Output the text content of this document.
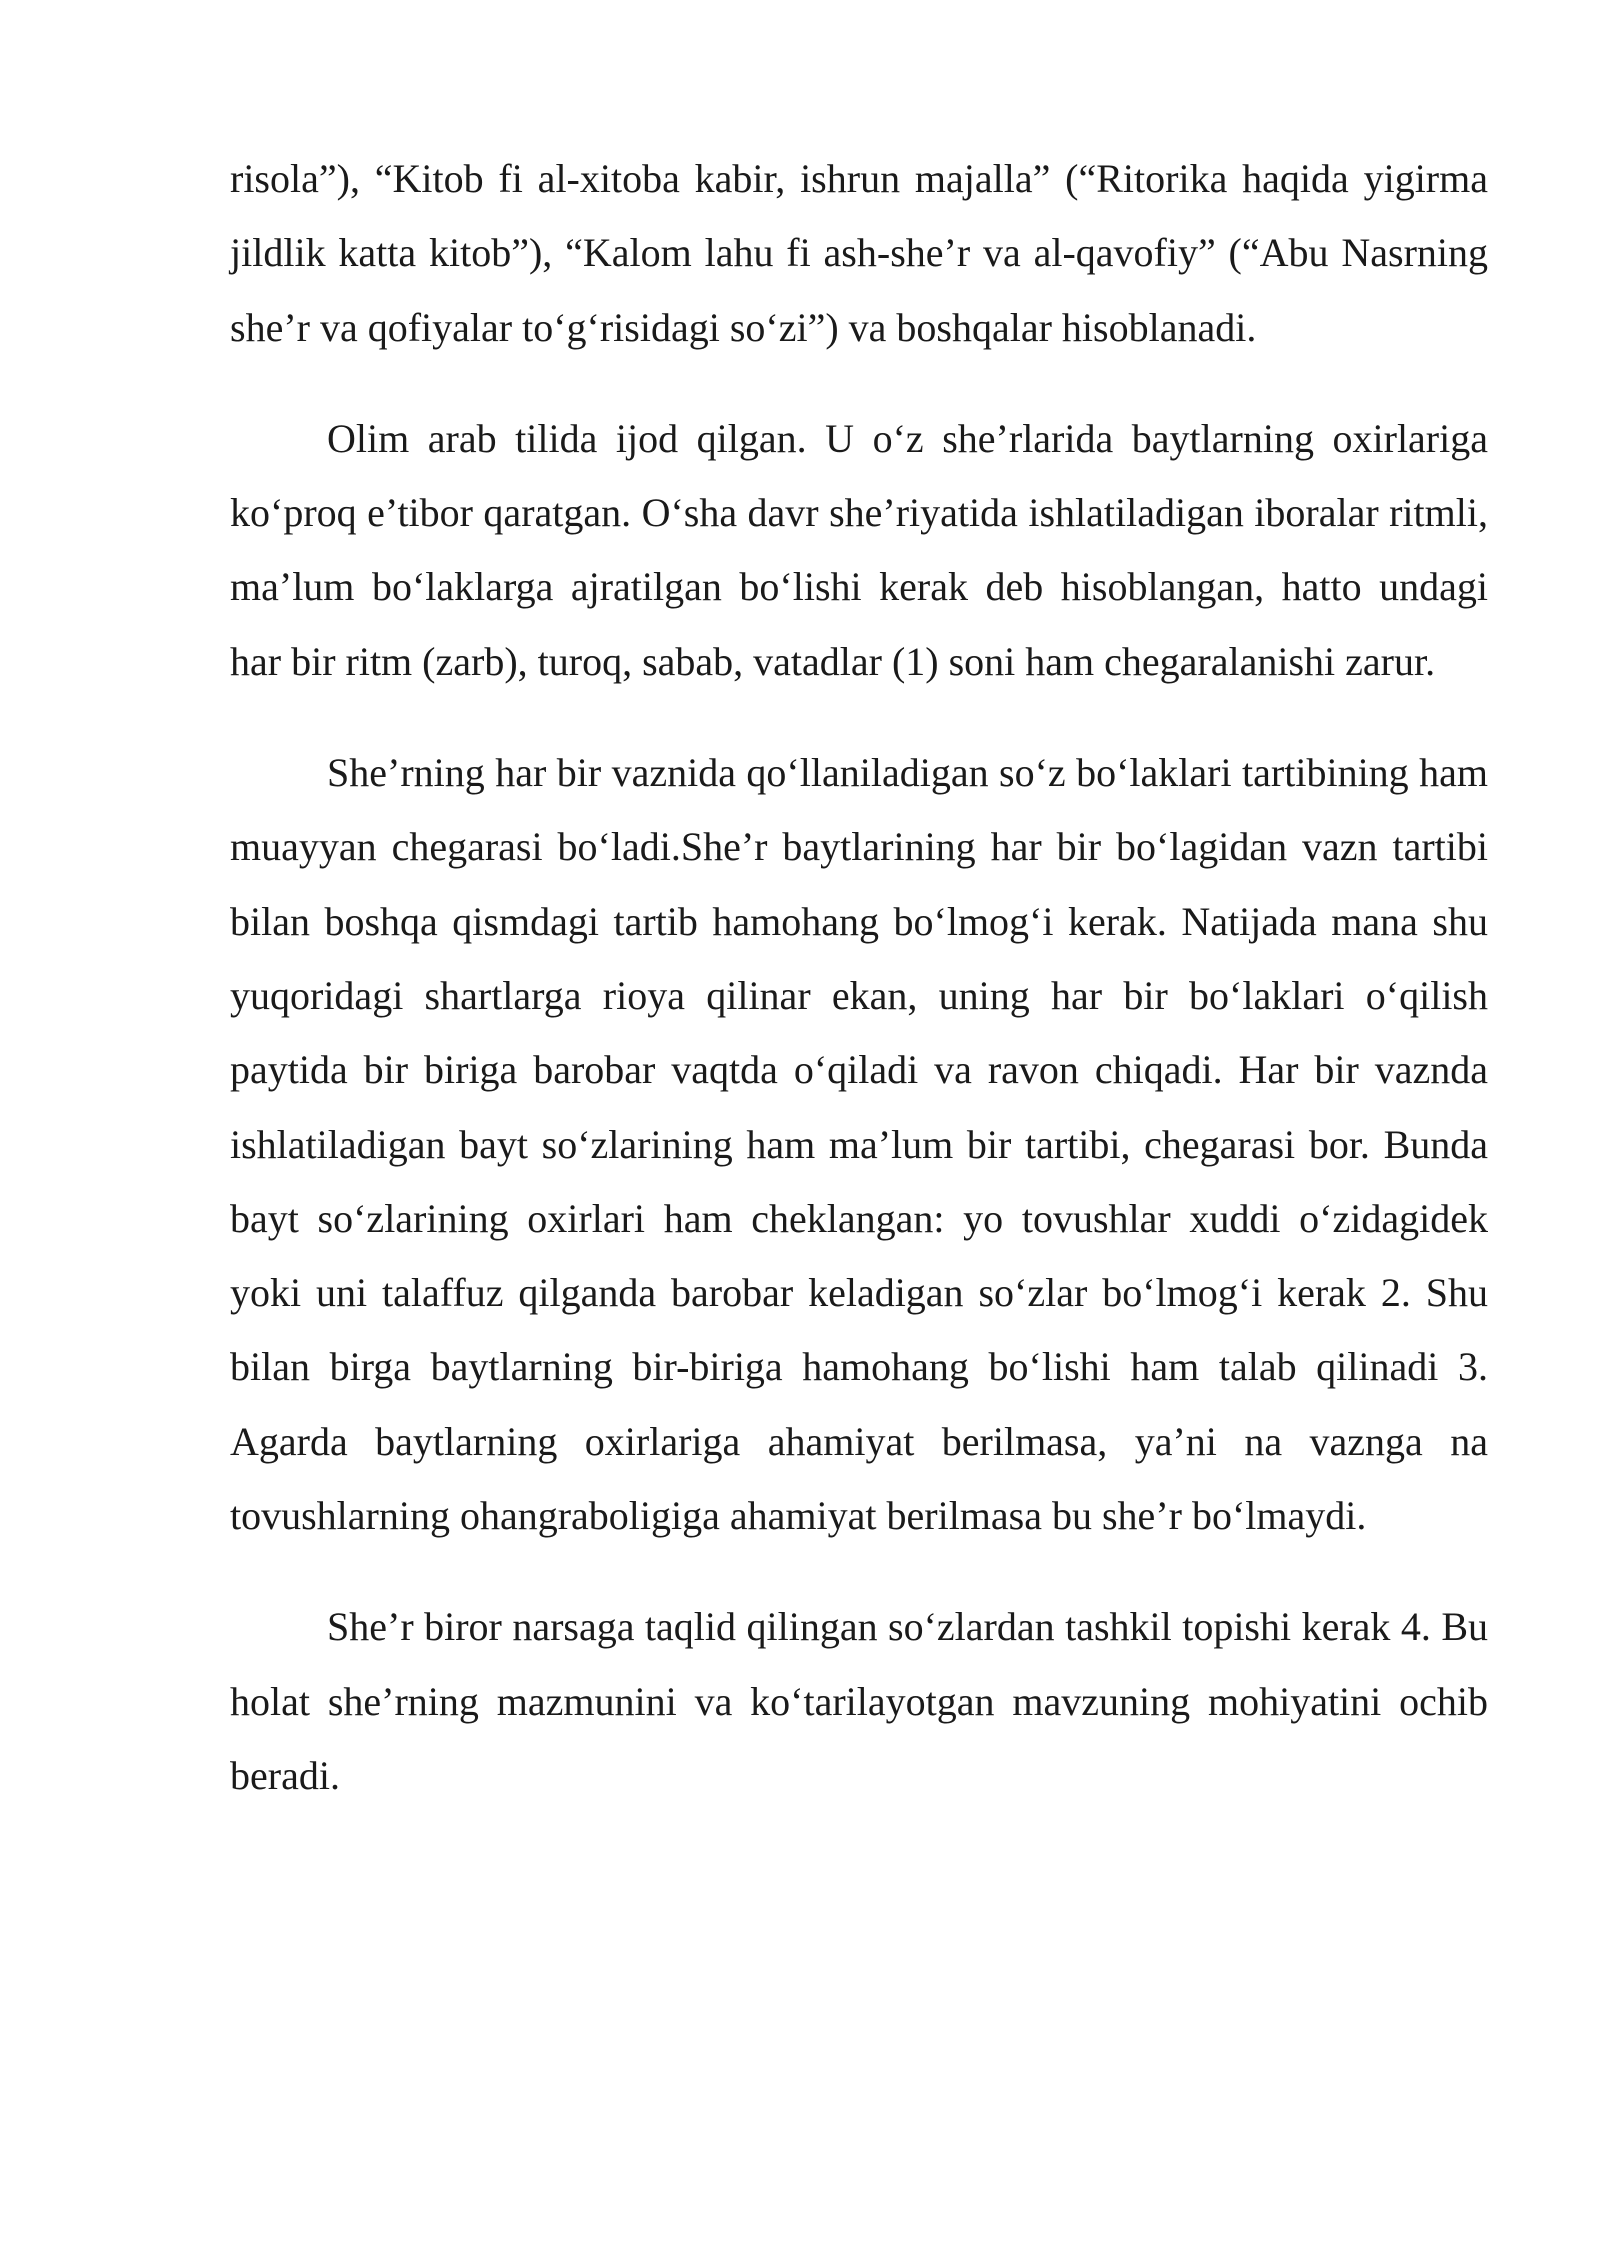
risola”), “Kitob fi al-xitoba kabir, ishrun majalla” (“Ritorika haqida yigirma jildlik katta kitob”), “Kalom lahu fi ash-she’r va al-qavofiy” (“Abu Nasrning she’r va qofiyalar to‘g‘risidagi so‘zi”) va boshqalar hisoblanadi.

Olim arab tilida ijod qilgan. U o‘z she’rlarida baytlarning oxirlariga ko‘proq e’tibor qaratgan. O‘sha davr she’riyatida ishlatiladigan iboralar ritmli, ma’lum bo‘laklarga ajratilgan bo‘lishi kerak deb hisoblangan, hatto undagi har bir ritm (zarb), turoq, sabab, vatadlar (1) soni ham chegaralanishi zarur.

She’rning har bir vaznida qo‘llaniladigan so‘z bo‘laklari tartibining ham muayyan chegarasi bo‘ladi.She’r baytlarining har bir bo‘lagidan vazn tartibi bilan boshqa qismdagi tartib hamohang bo‘lmog‘i kerak. Natijada mana shu yuqoridagi shartlarga rioya qilinar ekan, uning har bir bo‘laklari o‘qilish paytida bir biriga barobar vaqtda o‘qiladi va ravon chiqadi. Har bir vaznda ishlatiladigan bayt so‘zlarining ham ma’lum bir tartibi, chegarasi bor. Bunda bayt so‘zlarining oxirlari ham cheklangan: yo tovushlar xuddi o‘zidagidek yoki uni talaffuz qilganda barobar keladigan so‘zlar bo‘lmog‘i kerak 2. Shu bilan birga baytlarning bir-biriga hamohang bo‘lishi ham talab qilinadi 3. Agarda baytlarning oxirlariga ahamiyat berilmasa, ya’ni na vaznga na tovushlarning ohangraboligiga ahamiyat berilmasa bu she’r bo‘lmaydi.

She’r biror narsaga taqlid qilingan so‘zlardan tashkil topishi kerak 4. Bu holat she’rning mazmunini va ko‘tarilayotgan mavzuning mohiyatini ochib beradi.
